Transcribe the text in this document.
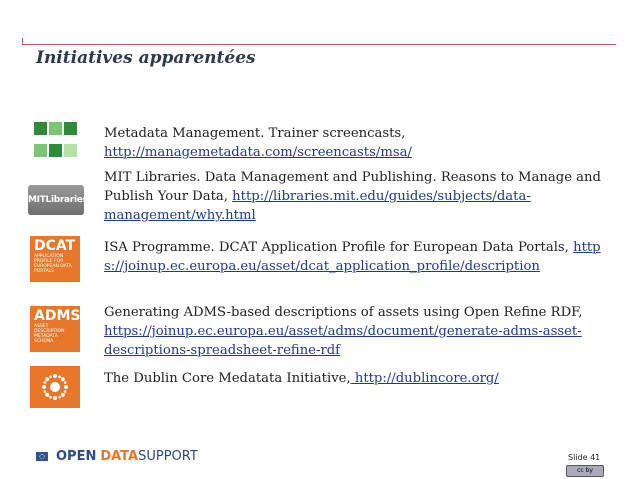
Initiatives apparentées
Metadata Management. Trainer screencasts, http://managemetadata.com/screencasts/msa/
MITLibraries
MIT Libraries. Data Management and Publishing. Reasons to Manage and Publish Your Data, http://libraries.mit.edu/guides/subjects/data-management/why.html
DCAT
APPLICATION PROFILE FOR EUROPEAN DATA PORTALS
ISA Programme. DCAT Application Profile for European Data Portals, https://joinup.ec.europa.eu/asset/dcat_application_profile/description
ADMS
ASSET DESCRIPTION METADATA SCHEMA
Generating ADMS-based descriptions of assets using Open Refine RDF, https://joinup.ec.europa.eu/asset/adms/document/generate-adms-asset-descriptions-spreadsheet-refine-rdf
The Dublin Core Medatata Initiative, http://dublincore.org/
OPEN DATA SUPPORT	Slide 41
cc by
